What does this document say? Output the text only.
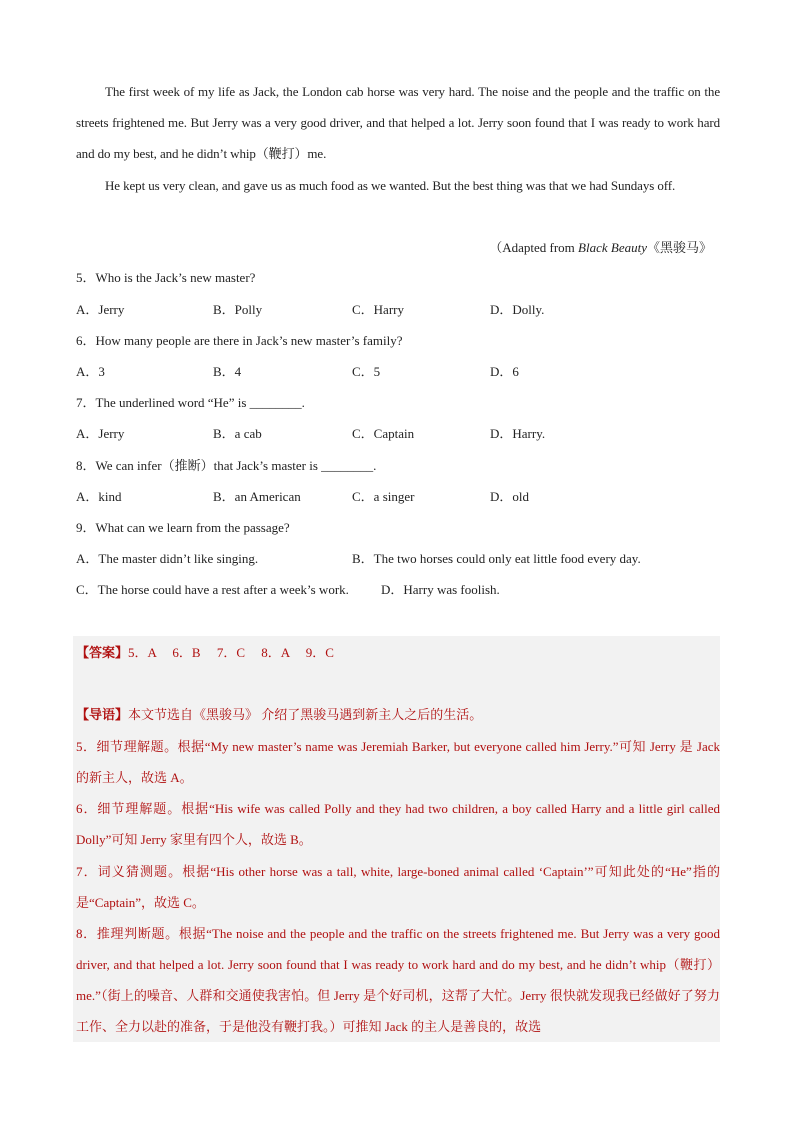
The first week of my life as Jack, the London cab horse was very hard. The noise and the people and the traffic on the streets frightened me. But Jerry was a very good driver, and that helped a lot. Jerry soon found that I was ready to work hard and do my best, and he didn’t whip（鞭打）me.
He kept us very clean, and gave us as much food as we wanted. But the best thing was that we had Sundays off.
（Adapted from Black Beauty《黑骏马》
5．Who is the Jack’s new master?
A．Jerry	B．Polly	C．Harry	D．Dolly.
6．How many people are there in Jack’s new master’s family?
A．3	B．4	C．5	D．6
7．The underlined word “He” is ________.
A．Jerry	B．a cab	C．Captain	D．Harry.
8．We can infer（推断）that Jack’s master is ________.
A．kind	B．an American	C．a singer	D．old
9．What can we learn from the passage?
A．The master didn’t like singing.	B．The two horses could only eat little food every day.
C．The horse could have a rest after a week’s work. D．Harry was foolish.
【答案】5．A     6．B     7．C     8．A     9．C
【导语】本文节选自《黑骏马》 介绍了黑骏马遇到新主人之后的生活。
5．细节理解题。根据“My new master’s name was Jeremiah Barker, but everyone called him Jerry.”可知 Jerry 是 Jack 的新主人，故选 A。
6．细节理解题。根据“His wife was called Polly and they had two children, a boy called Harry and a little girl called Dolly”可知 Jerry 家里有四个人，故选 B。
7．词义猜测题。根据“His other horse was a tall, white, large-boned animal called ‘Captain’”可知此处的“He”指的是“Captain”，故选 C。
8．推理判断题。根据“The noise and the people and the traffic on the streets frightened me. But Jerry was a very good driver, and that helped a lot. Jerry soon found that I was ready to work hard and do my best, and he didn’t whip（鞭打）me.”（街上的噪音、人群和交通使我害怕。但 Jerry 是个好司机，这帮了大忙。Jerry 很快就发现我已经做好了努力工作、全力以赴的准备，于是他没有鞭打我。）可推知 Jack 的主人是善良的，故选
